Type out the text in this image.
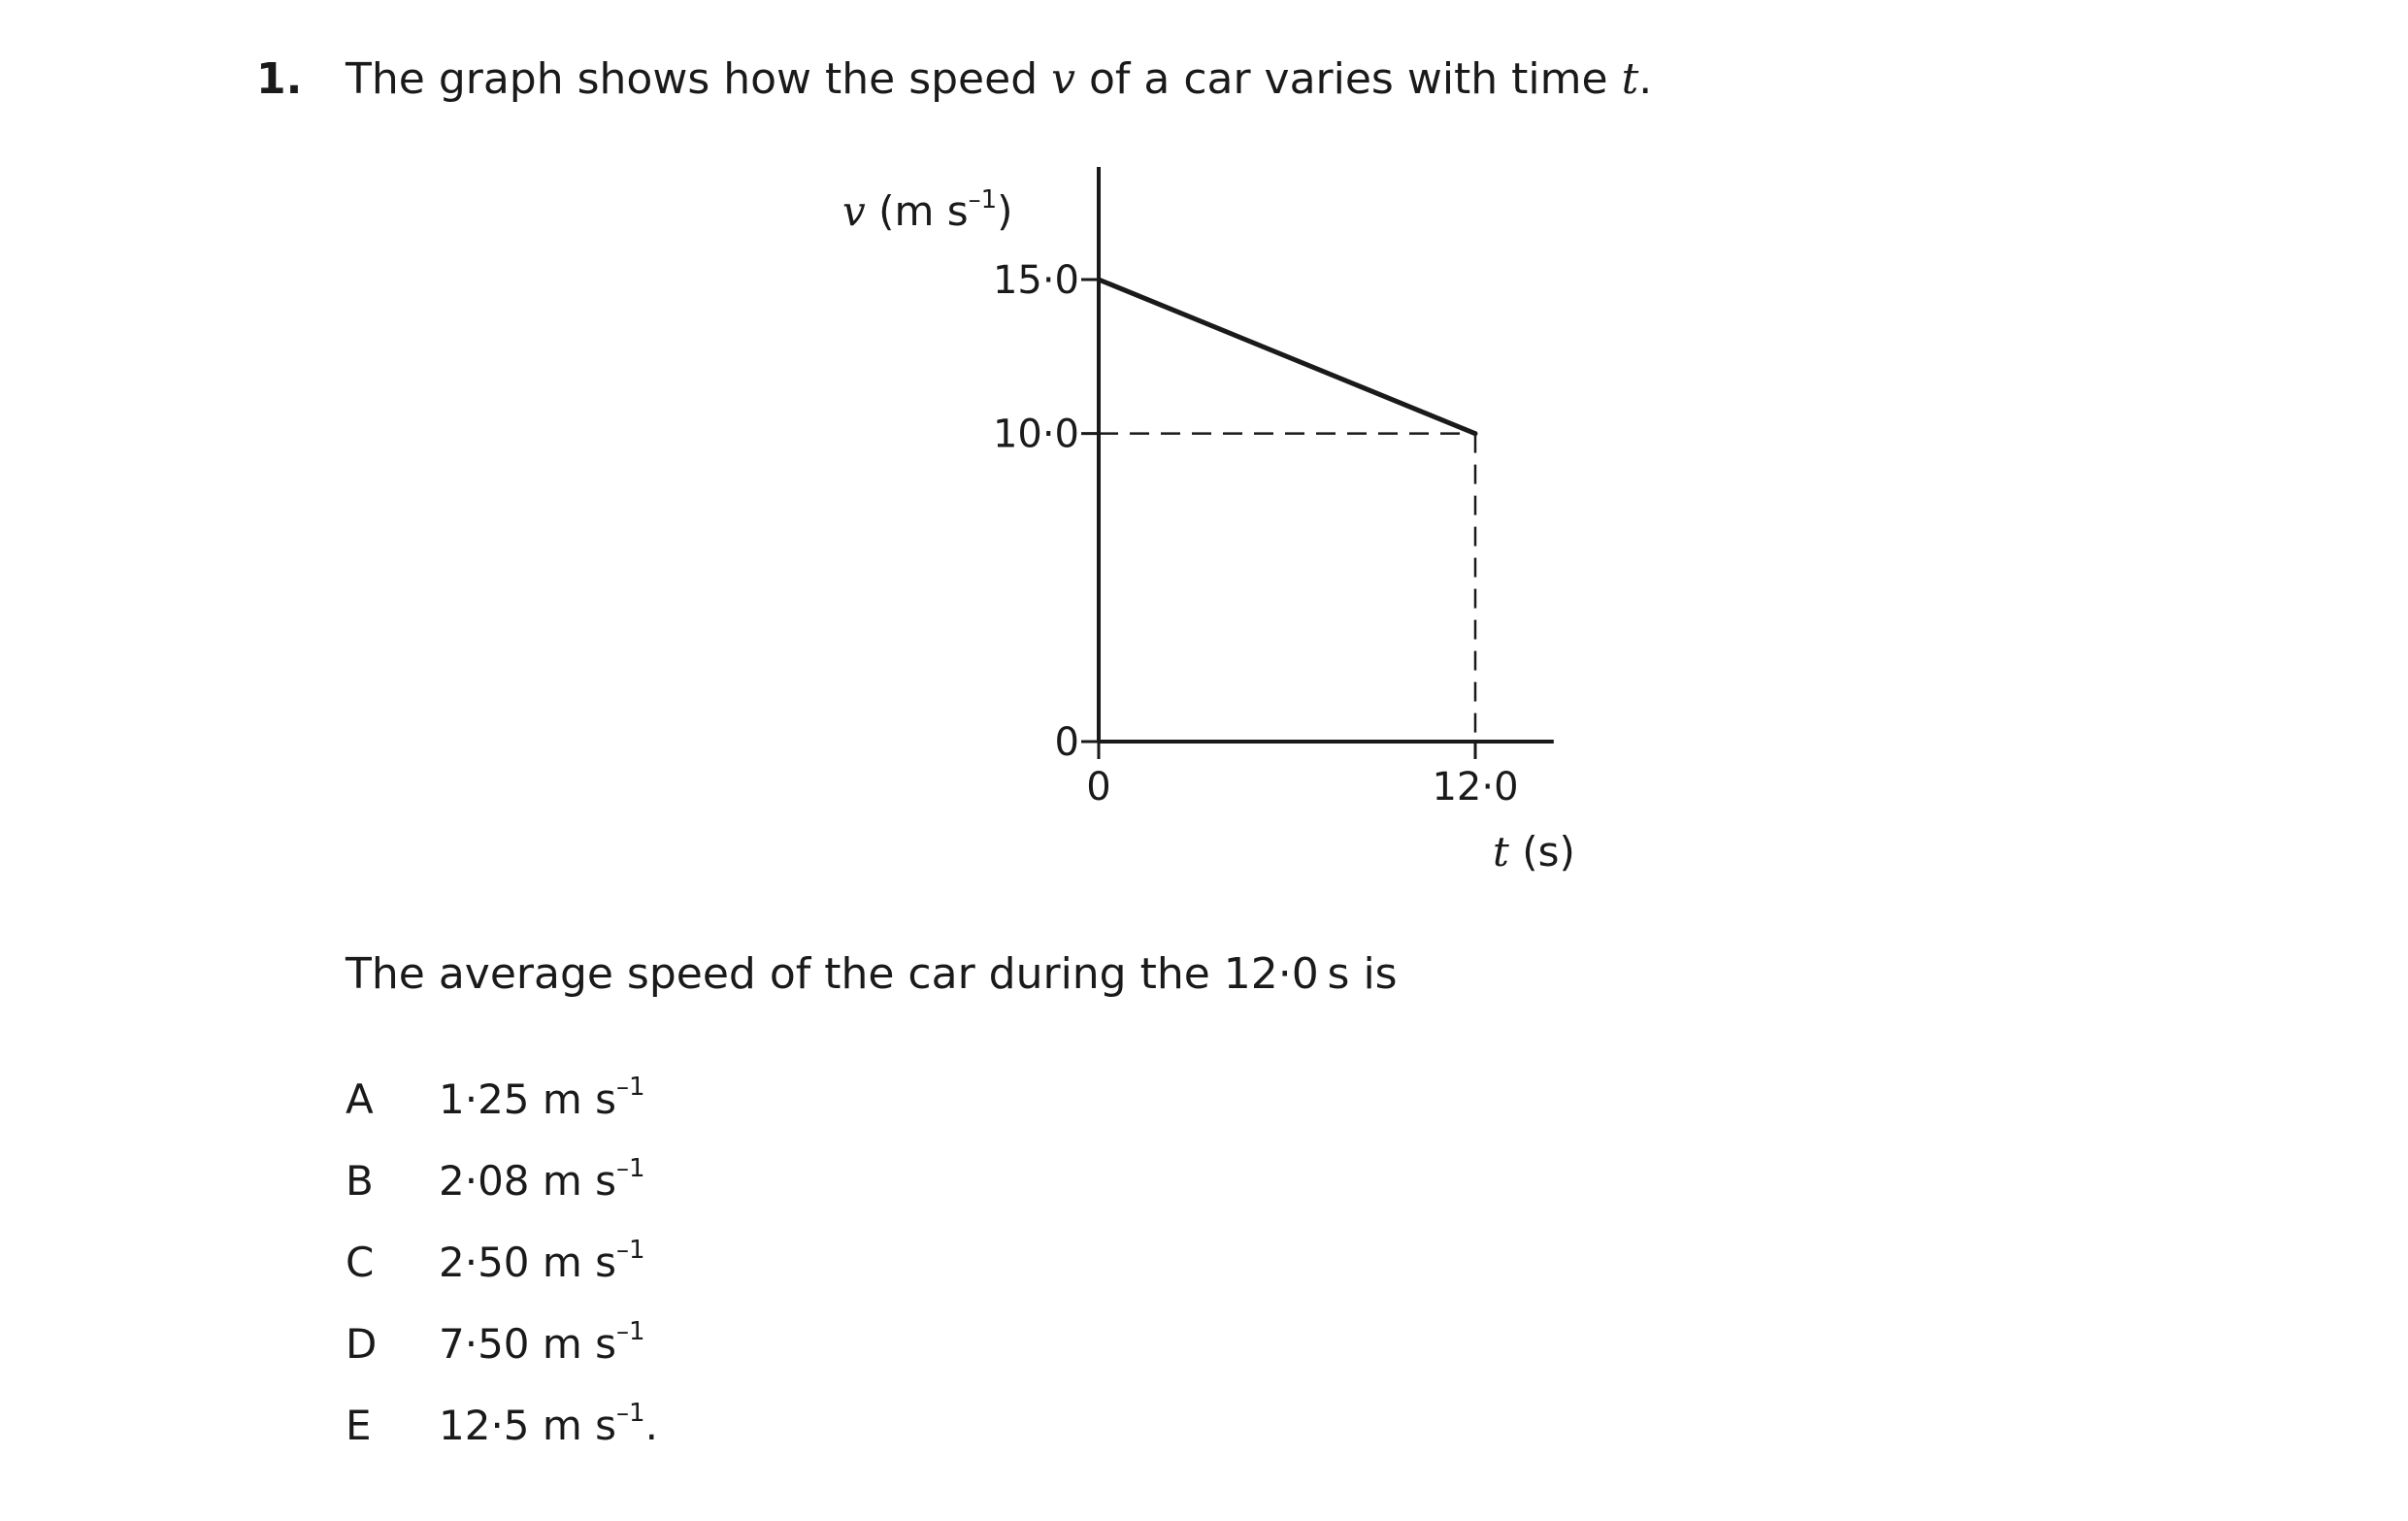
1. The graph shows how the speed v of a car varies with time t.
15·0
10·0
0
0	12·0
v (m $s^{-1}$)
t (s)
The average speed of the car during the 12·0 s is
A 1·25 m $s^{-1}$
B 2·08 m $s^{-1}$
C 2·50 m $s^{-1}$
D 7·50 m $s^{-1}$
E 12·5 m $s^{-1}$.
